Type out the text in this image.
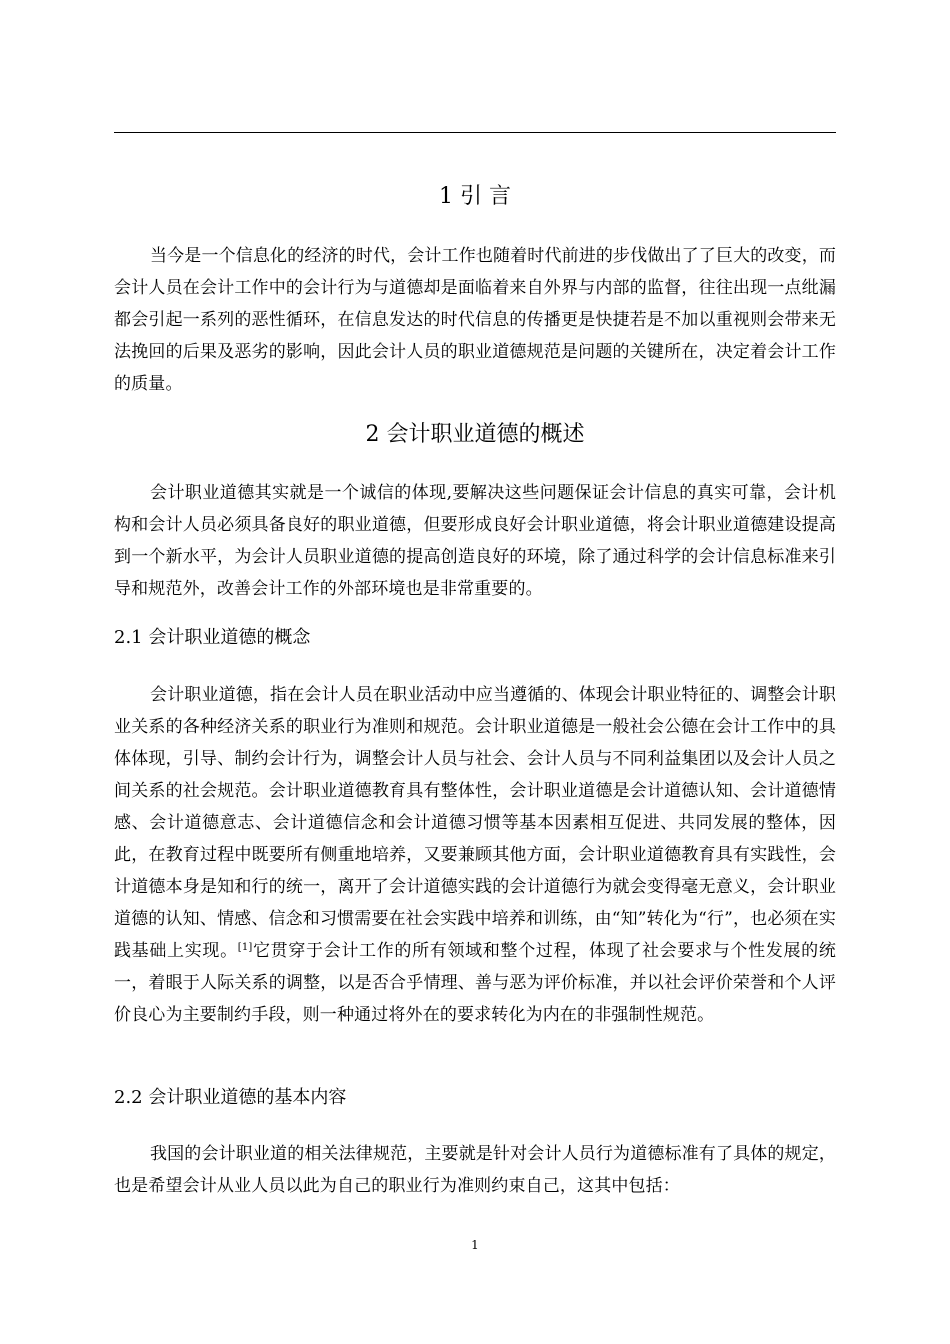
1 引 言

当今是一个信息化的经济的时代，会计工作也随着时代前进的步伐做出了了巨大的改变，而会计人员在会计工作中的会计行为与道德却是面临着来自外界与内部的监督，往往出现一点纰漏都会引起一系列的恶性循环，在信息发达的时代信息的传播更是快捷若是不加以重视则会带来无法挽回的后果及恶劣的影响，因此会计人员的职业道德规范是问题的关键所在，决定着会计工作的质量。

2 会计职业道德的概述

会计职业道德其实就是一个诚信的体现,要解决这些问题保证会计信息的真实可靠，会计机构和会计人员必须具备良好的职业道德，但要形成良好会计职业道德，将会计职业道德建设提高到一个新水平，为会计人员职业道德的提高创造良好的环境，除了通过科学的会计信息标准来引导和规范外，改善会计工作的外部环境也是非常重要的。

2.1 会计职业道德的概念

会计职业道德，指在会计人员在职业活动中应当遵循的、体现会计职业特征的、调整会计职业关系的各种经济关系的职业行为准则和规范。会计职业道德是一般社会公德在会计工作中的具体体现，引导、制约会计行为，调整会计人员与社会、会计人员与不同利益集团以及会计人员之间关系的社会规范。会计职业道德教育具有整体性，会计职业道德是会计道德认知、会计道德情感、会计道德意志、会计道德信念和会计道德习惯等基本因素相互促进、共同发展的整体，因此，在教育过程中既要所有侧重地培养，又要兼顾其他方面，会计职业道德教育具有实践性，会计道德本身是知和行的统一，离开了会计道德实践的会计道德行为就会变得毫无意义，会计职业道德的认知、情感、信念和习惯需要在社会实践中培养和训练，由“知”转化为“行”，也必须在实践基础上实现。[1]它贯穿于会计工作的所有领域和整个过程，体现了社会要求与个性发展的统一，着眼于人际关系的调整，以是否合乎情理、善与恶为评价标准，并以社会评价荣誉和个人评价良心为主要制约手段，则一种通过将外在的要求转化为内在的非强制性规范。

2.2 会计职业道德的基本内容

我国的会计职业道的相关法律规范，主要就是针对会计人员行为道德标准有了具体的规定，也是希望会计从业人员以此为自己的职业行为准则约束自己，这其中包括：

1
